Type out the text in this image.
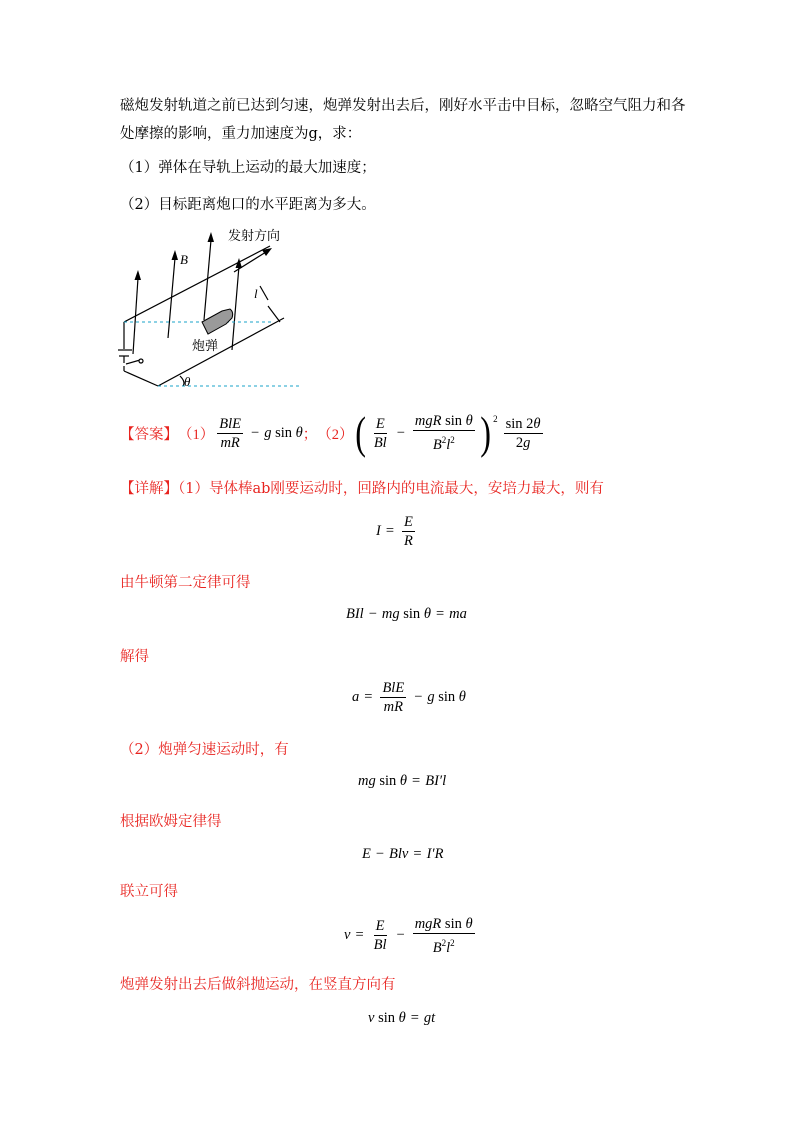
磁炮发射轨道之前已达到匀速，炮弹发射出去后，刚好水平击中目标，忽略空气阻力和各
处摩擦的影响，重力加速度为g，求：
（1）弹体在导轨上运动的最大加速度；
（2）目标距离炮口的水平距离为多大。
发射方向
B
l
炮弹
θ
【答案】 $(1) \frac{\text{BlE}}{mR} - g$ sin θ ； （2） ( $\frac{E}{Bl} - \frac{\text{mgR sin θ}}{B^2l^2}$ ) $^2 \frac{\sin 2\theta}{2g}$
【详解】（1）导体棒ab刚要运动时，回路内的电流最大，安培力最大，则有
$I = \frac{E}{R}$
由牛顿第二定律可得
BIl − mg sin θ = ma
解得
$a = \frac{\text{BlE}}{mR} - g$ sin θ
（2）炮弹匀速运动时，有
mg sin θ = BI′l
根据欧姆定律得
E − Blv = I′R
联立可得
$v = \frac{E}{Bl} - \frac{\text{mgR sin θ}}{B^2l^2}$
炮弹发射出去后做斜抛运动，在竖直方向有
v sin θ = gt
